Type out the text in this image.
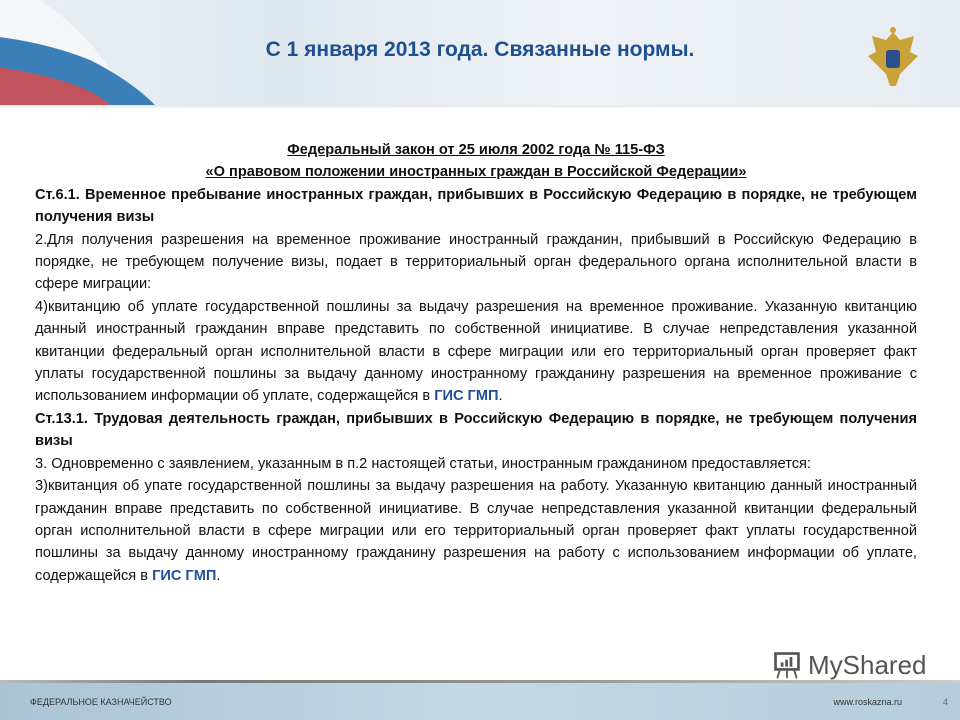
С 1 января 2013 года. Связанные нормы.

Федеральный закон от 25 июля 2002 года № 115-ФЗ

«О правовом положении иностранных граждан в Российской Федерации»

Ст.6.1. Временное пребывание иностранных граждан, прибывших в Российскую Федерацию в порядке, не требующем получения визы

2.Для получения разрешения на временное проживание иностранный гражданин, прибывший в Российскую Федерацию в порядке, не требующем получение визы, подает в территориальный орган федерального органа исполнительной власти в сфере миграции:

4)квитанцию об уплате государственной пошлины за выдачу разрешения на временное проживание. Указанную квитанцию данный иностранный гражданин вправе представить по собственной инициативе. В случае непредставления указанной квитанции федеральный орган исполнительной власти в сфере миграции или его территориальный орган проверяет факт уплаты государственной пошлины за выдачу данному иностранному гражданину разрешения на временное проживание с использованием информации об уплате, содержащейся в ГИС ГМП.

Ст.13.1. Трудовая деятельность граждан, прибывших в Российскую Федерацию в порядке, не требующем получения визы

3. Одновременно с заявлением, указанным в п.2 настоящей статьи, иностранным гражданином предоставляется:

3)квитанция об упате государственной пошлины за выдачу разрешения на работу. Указанную квитанцию данный иностранный гражданин вправе представить по собственной инициативе. В случае непредставления указанной квитанции федеральный орган исполнительной власти в сфере миграции или его территориальный орган проверяет факт уплаты государственной пошлины за выдачу данному иностранному гражданину разрешения на работу с использованием информации об уплате, содержащейся в ГИС ГМП.

MyShared
ФЕДЕРАЛЬНОЕ КАЗНАЧЕЙСТВО	www.roskazna.ru	4
